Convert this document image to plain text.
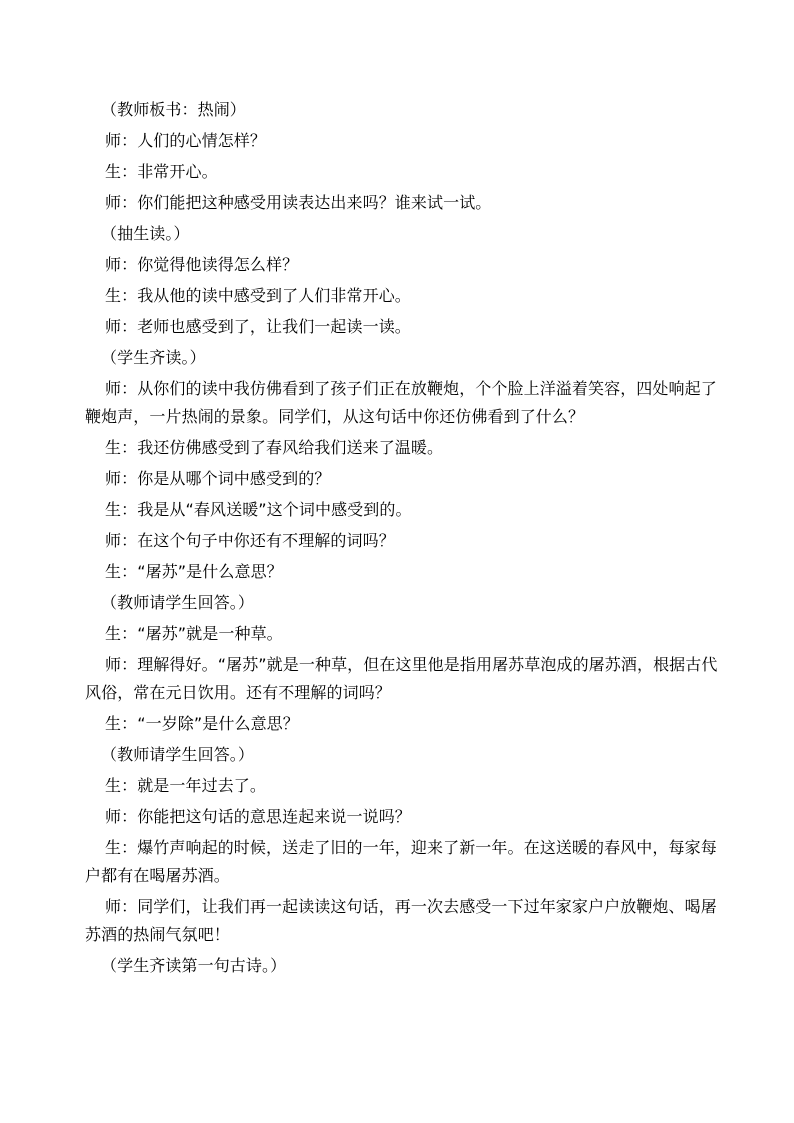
（教师板书：热闹）

师：人们的心情怎样？

生：非常开心。

师：你们能把这种感受用读表达出来吗？谁来试一试。

（抽生读。）

师：你觉得他读得怎么样？

生：我从他的读中感受到了人们非常开心。

师：老师也感受到了，让我们一起读一读。

（学生齐读。）

师：从你们的读中我仿佛看到了孩子们正在放鞭炮，个个脸上洋溢着笑容，四处响起了鞭炮声，一片热闹的景象。同学们，从这句话中你还仿佛看到了什么？

生：我还仿佛感受到了春风给我们送来了温暖。

师：你是从哪个词中感受到的？

生：我是从“春风送暖”这个词中感受到的。

师：在这个句子中你还有不理解的词吗？

生：“屠苏”是什么意思？

（教师请学生回答。）

生：“屠苏”就是一种草。

师：理解得好。“屠苏”就是一种草，但在这里他是指用屠苏草泡成的屠苏酒，根据古代风俗，常在元日饮用。还有不理解的词吗？

生：“一岁除”是什么意思？

（教师请学生回答。）

生：就是一年过去了。

师：你能把这句话的意思连起来说一说吗？

生：爆竹声响起的时候，送走了旧的一年，迎来了新一年。在这送暖的春风中，每家每户都有在喝屠苏酒。

师：同学们，让我们再一起读读这句话，再一次去感受一下过年家家户户放鞭炮、喝屠苏酒的热闹气氛吧！

（学生齐读第一句古诗。）
